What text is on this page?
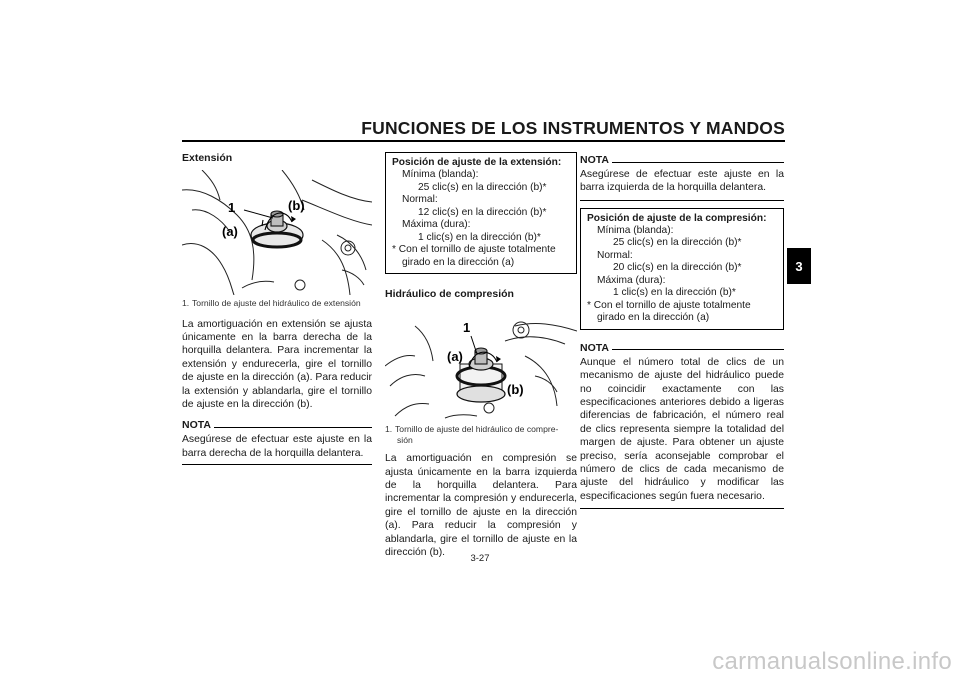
FUNCIONES DE LOS INSTRUMENTOS Y MANDOS
3

Extensión

1
(a)
(b)

1. Tornillo de ajuste del hidráulico de extensión

La amortiguación en extensión se ajusta únicamente en la barra derecha de la horquilla delantera. Para incrementar la extensión y endurecerla, gire el tornillo de ajuste en la dirección (a). Para reducir la extensión y ablandarla, gire el tornillo de ajuste en la dirección (b).

NOTA

Asegúrese de efectuar este ajuste en la barra derecha de la horquilla delantera.

Posición de ajuste de la extensión:
Mínima (blanda):
25 clic(s) en la dirección (b)*
Normal:
12 clic(s) en la dirección (b)*
Máxima (dura):
1 clic(s) en la dirección (b)*
* Con el tornillo de ajuste totalmente
girado en la dirección (a)

Hidráulico de compresión

1
(a)
(b)

1. Tornillo de ajuste del hidráulico de compre-
sión

La amortiguación en compresión se ajusta únicamente en la barra izquierda de la horquilla delantera. Para incrementar la compresión y endurecerla, gire el tornillo de ajuste en la dirección (a). Para reducir la compresión y ablandarla, gire el tornillo de ajuste en la dirección (b).

NOTA

Asegúrese de efectuar este ajuste en la barra izquierda de la horquilla delantera.

Posición de ajuste de la compresión:
Mínima (blanda):
25 clic(s) en la dirección (b)*
Normal:
20 clic(s) en la dirección (b)*
Máxima (dura):
1 clic(s) en la dirección (b)*
* Con el tornillo de ajuste totalmente
girado en la dirección (a)
NOTA

Aunque el número total de clics de un mecanismo de ajuste del hidráulico puede no coincidir exactamente con las especificaciones anteriores debido a ligeras diferencias de fabricación, el número real de clics representa siempre la totalidad del margen de ajuste. Para obtener un ajuste preciso, sería aconsejable comprobar el número de clics de cada mecanismo de ajuste del hidráulico y modificar las especificaciones según fuera necesario.

3-27
carmanualsonline.info
